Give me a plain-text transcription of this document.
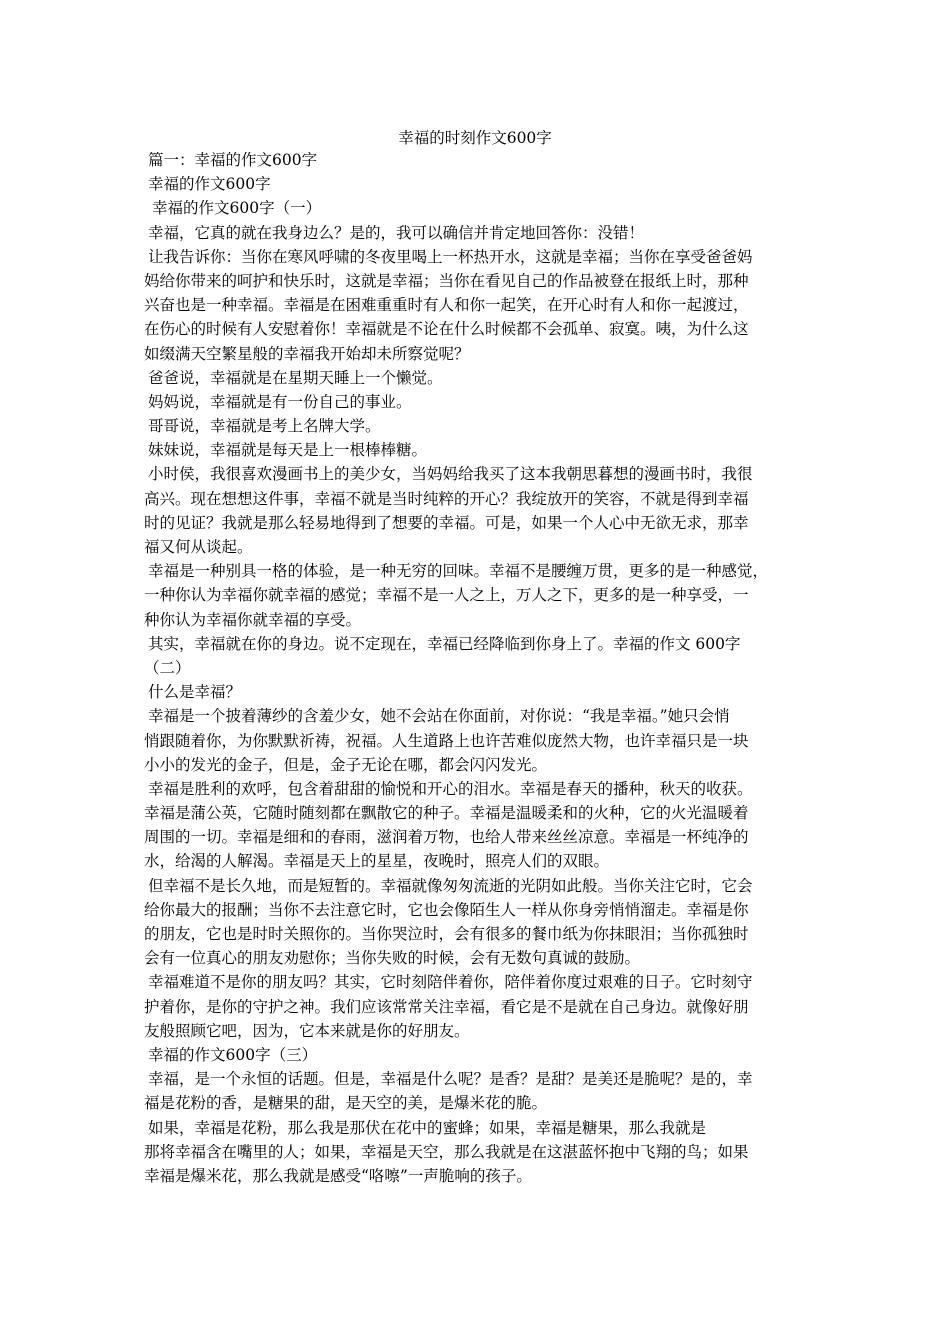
幸福的时刻作文600字
篇一：幸福的作文600字
幸福的作文600字
幸福的作文600字（一）
幸福，它真的就在我身边么？是的，我可以确信并肯定地回答你：没错！
让我告诉你：当你在寒风呼啸的冬夜里喝上一杯热开水，这就是幸福；当你在享受爸爸妈
妈给你带来的呵护和快乐时，这就是幸福；当你在看见自己的作品被登在报纸上时，那种
兴奋也是一种幸福。幸福是在困难重重时有人和你一起笑，在开心时有人和你一起渡过，
在伤心的时候有人安慰着你！幸福就是不论在什么时候都不会孤单、寂寞。咦，为什么这
如缀满天空繁星般的幸福我开始却未所察觉呢？
爸爸说，幸福就是在星期天睡上一个懒觉。
妈妈说，幸福就是有一份自己的事业。
哥哥说，幸福就是考上名牌大学。
妹妹说，幸福就是每天是上一根棒棒糖。
小时侯，我很喜欢漫画书上的美少女，当妈妈给我买了这本我朝思暮想的漫画书时，我很
高兴。现在想想这件事，幸福不就是当时纯粹的开心？我绽放开的笑容，不就是得到幸福
时的见证？我就是那么轻易地得到了想要的幸福。可是，如果一个人心中无欲无求，那幸
福又何从谈起。
幸福是一种别具一格的体验，是一种无穷的回味。幸福不是腰缠万贯，更多的是一种感觉，
一种你认为幸福你就幸福的感觉；幸福不是一人之上，万人之下，更多的是一种享受，一
种你认为幸福你就幸福的享受。
其实，幸福就在你的身边。说不定现在，幸福已经降临到你身上了。幸福的作文 600字
（二）
什么是幸福？
幸福是一个披着薄纱的含羞少女，她不会站在你面前，对你说：“我是幸福。”她只会悄
悄跟随着你，为你默默祈祷，祝福。人生道路上也许苦难似庞然大物，也许幸福只是一块
小小的发光的金子，但是，金子无论在哪，都会闪闪发光。
幸福是胜利的欢呼，包含着甜甜的愉悦和开心的泪水。幸福是春天的播种，秋天的收获。
幸福是蒲公英，它随时随刻都在飘散它的种子。幸福是温暖柔和的火种，它的火光温暖着
周围的一切。幸福是细和的春雨，滋润着万物，也给人带来丝丝凉意。幸福是一杯纯净的
水，给渴的人解渴。幸福是天上的星星，夜晚时，照亮人们的双眼。
但幸福不是长久地，而是短暂的。幸福就像匆匆流逝的光阴如此般。当你关注它时，它会
给你最大的报酬；当你不去注意它时，它也会像陌生人一样从你身旁悄悄溜走。幸福是你
的朋友，它也是时时关照你的。当你哭泣时，会有很多的餐巾纸为你抹眼泪；当你孤独时
会有一位真心的朋友劝慰你；当你失败的时候，会有无数句真诚的鼓励。
幸福难道不是你的朋友吗？其实，它时刻陪伴着你，陪伴着你度过艰难的日子。它时刻守
护着你，是你的守护之神。我们应该常常关注幸福，看它是不是就在自己身边。就像好朋
友般照顾它吧，因为，它本来就是你的好朋友。
幸福的作文600字（三）
幸福，是一个永恒的话题。但是，幸福是什么呢？是香？是甜？是美还是脆呢？是的，幸
福是花粉的香，是糖果的甜，是天空的美，是爆米花的脆。
如果，幸福是花粉，那么我是那伏在花中的蜜蜂；如果，幸福是糖果，那么我就是
那将幸福含在嘴里的人；如果，幸福是天空，那么我就是在这湛蓝怀抱中飞翔的鸟；如果
幸福是爆米花，那么我就是感受“咯嚓”一声脆响的孩子。
